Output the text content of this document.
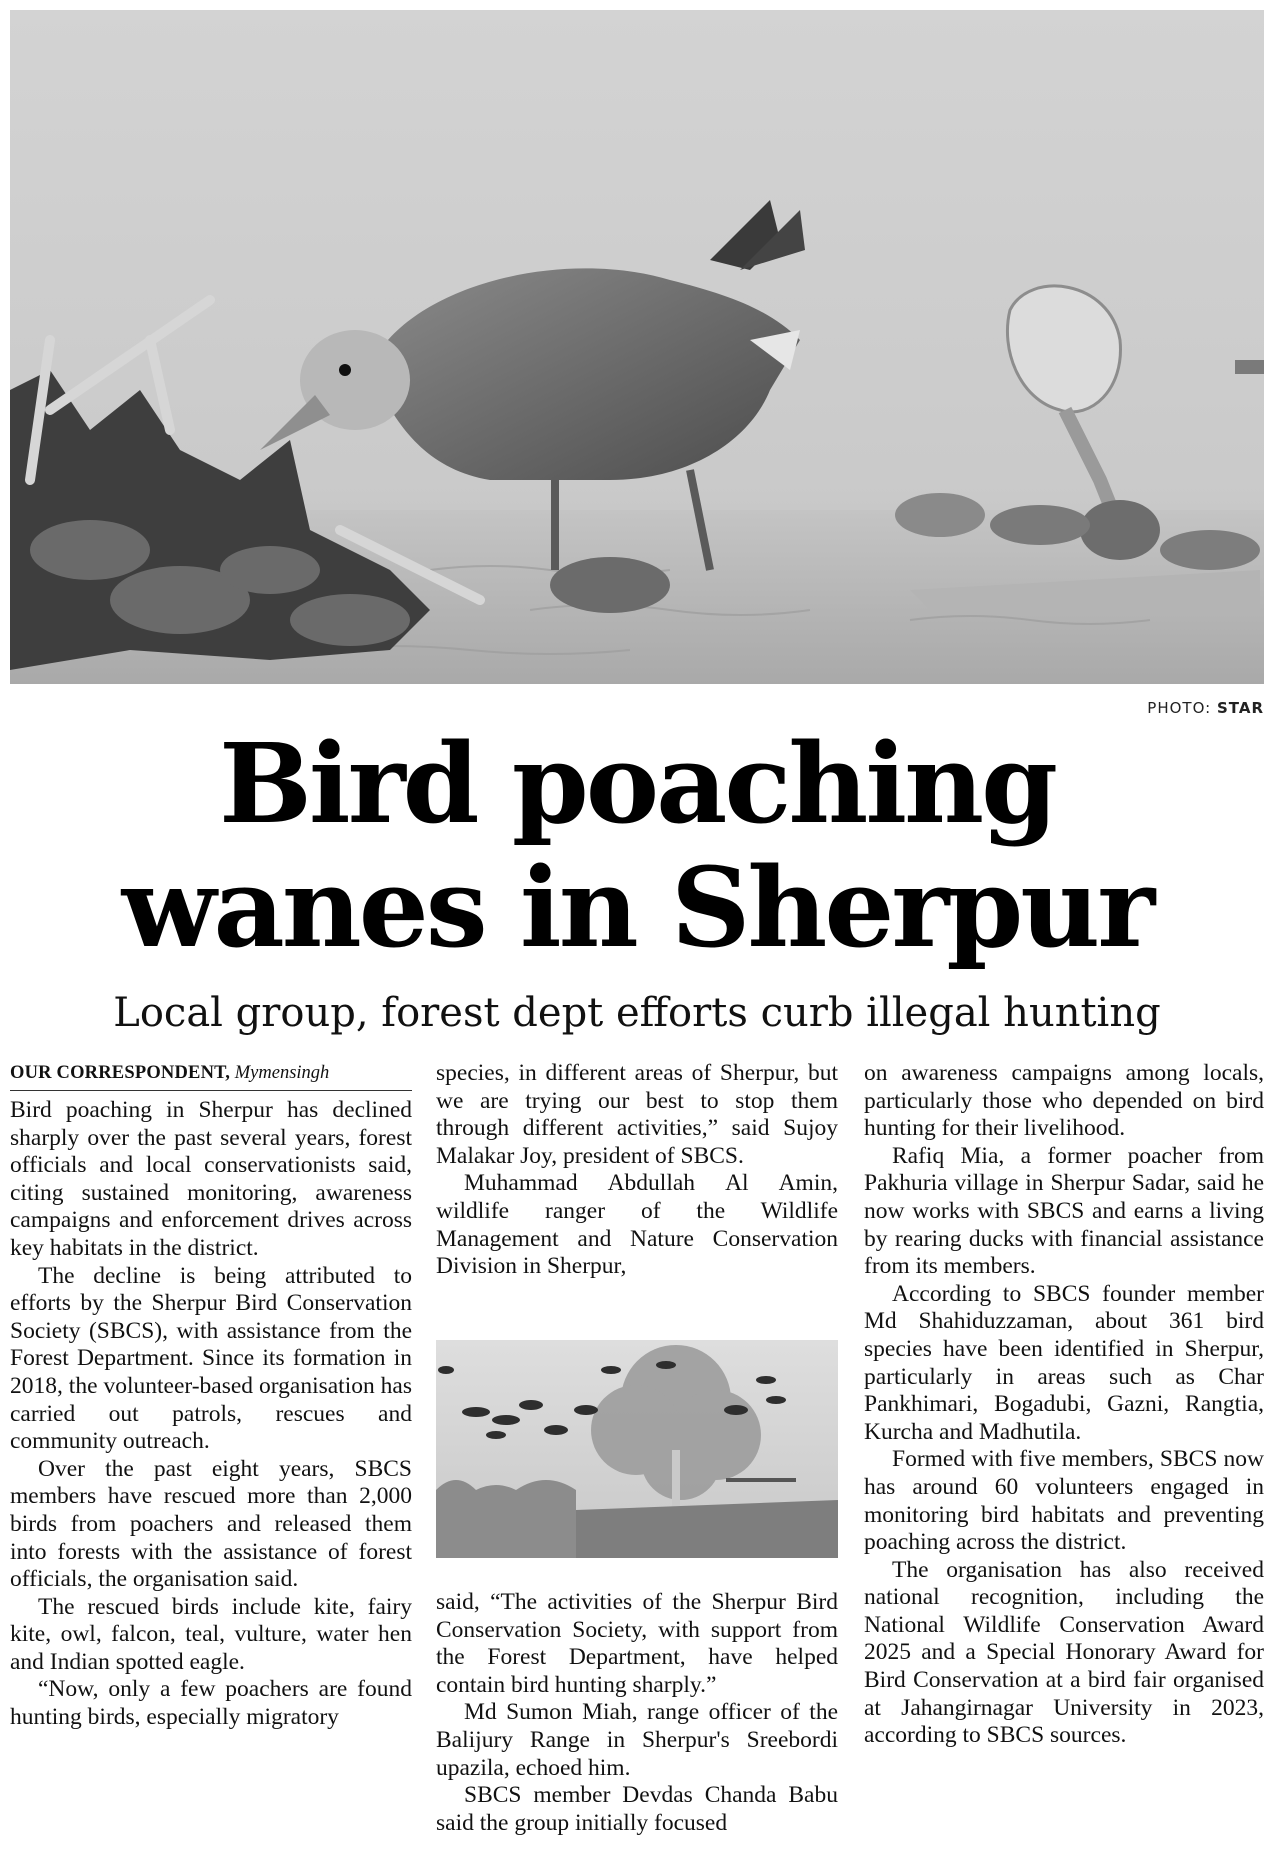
PHOTO: STAR
Bird poaching
wanes in Sherpur

Local group, forest dept efforts curb illegal hunting

OUR CORRESPONDENT, Mymensingh

Bird poaching in Sherpur has declined sharply over the past several years, forest officials and local conservationists said, citing sustained monitoring, awareness campaigns and enforcement drives across key habitats in the district.

The decline is being attributed to efforts by the Sherpur Bird Conservation Society (SBCS), with assistance from the Forest Department. Since its formation in 2018, the volunteer-based organisation has carried out patrols, rescues and community outreach.

Over the past eight years, SBCS members have rescued more than 2,000 birds from poachers and released them into forests with the assistance of forest officials, the organisation said.

The rescued birds include kite, fairy kite, owl, falcon, teal, vulture, water hen and Indian spotted eagle.

“Now, only a few poachers are found hunting birds, especially migratory

species, in different areas of Sherpur, but we are trying our best to stop them through different activities,” said Sujoy Malakar Joy, president of SBCS.

Muhammad Abdullah Al Amin, wildlife ranger of the Wildlife Management and Nature Conservation Division in Sherpur,

said, “The activities of the Sherpur Bird Conservation Society, with support from the Forest Department, have helped contain bird hunting sharply.”

Md Sumon Miah, range officer of the Balijury Range in Sherpur's Sreebordi upazila, echoed him.

SBCS member Devdas Chanda Babu said the group initially focused

on awareness campaigns among locals, particularly those who depended on bird hunting for their livelihood.

Rafiq Mia, a former poacher from Pakhuria village in Sherpur Sadar, said he now works with SBCS and earns a living by rearing ducks with financial assistance from its members.

According to SBCS founder member Md Shahiduzzaman, about 361 bird species have been identified in Sherpur, particularly in areas such as Char Pankhimari, Bogadubi, Gazni, Rangtia, Kurcha and Madhutila.

Formed with five members, SBCS now has around 60 volunteers engaged in monitoring bird habitats and preventing poaching across the district.

The organisation has also received national recognition, including the National Wildlife Conservation Award 2025 and a Special Honorary Award for Bird Conservation at a bird fair organised at Jahangirnagar University in 2023, according to SBCS sources.
